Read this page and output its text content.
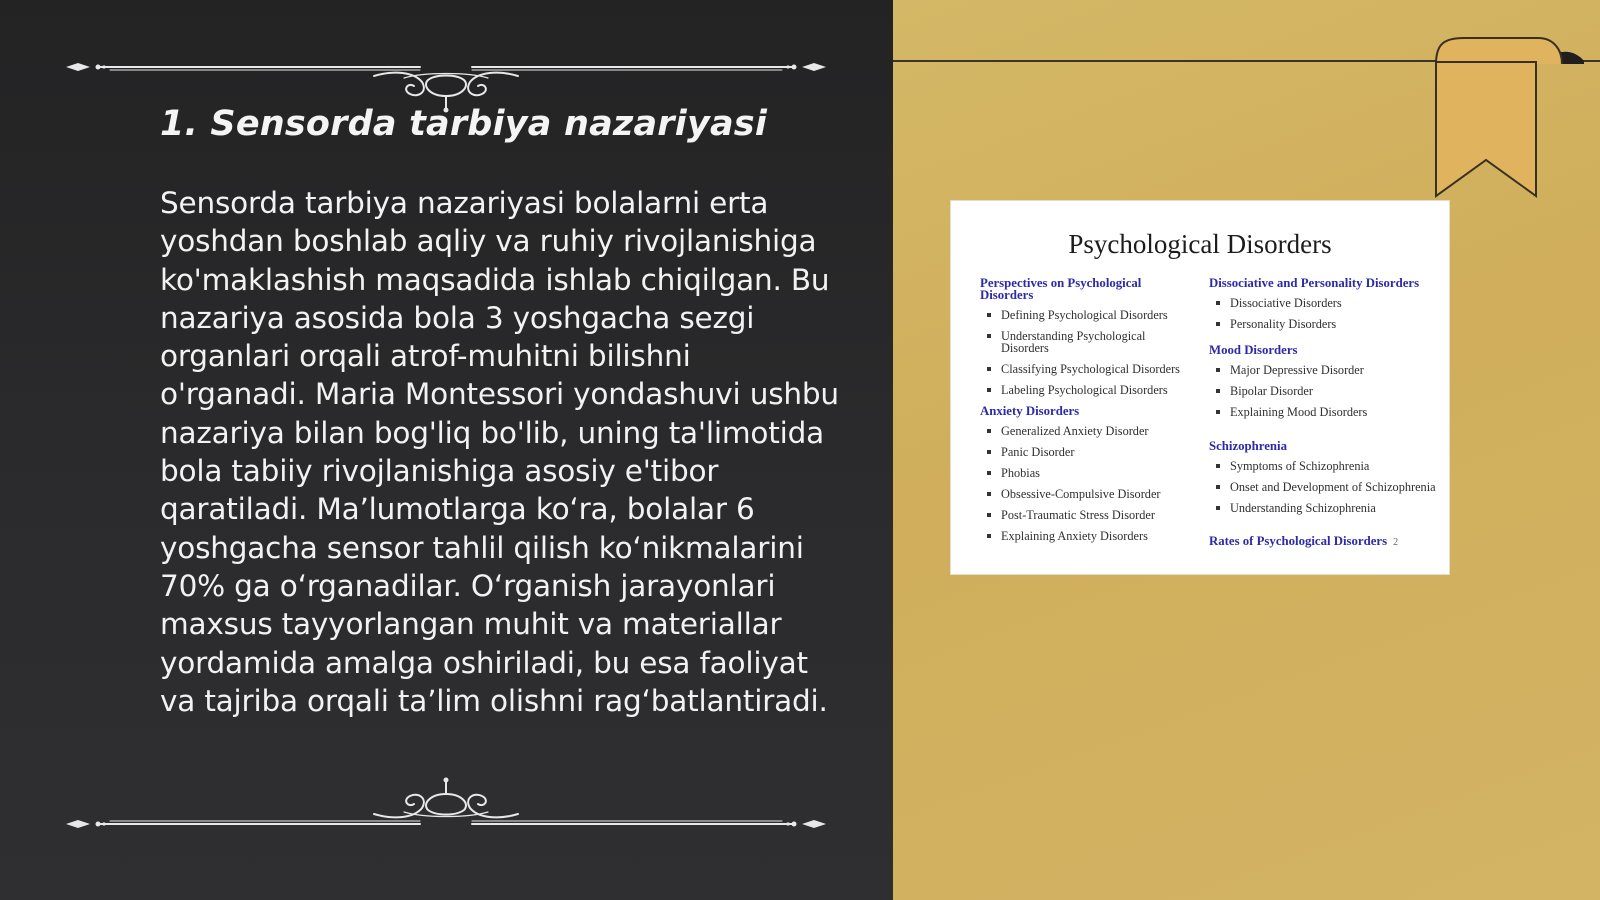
1. Sensorda tarbiya nazariyasi
Sensorda tarbiya nazariyasi bolalarni erta yoshdan boshlab aqliy va ruhiy rivojlanishiga ko'maklashish maqsadida ishlab chiqilgan. Bu nazariya asosida bola 3 yoshgacha sezgi organlari orqali atrof-muhitni bilishni o'rganadi. Maria Montessori yondashuvi ushbu nazariya bilan bog'liq bo'lib, uning ta'limotida bola tabiiy rivojlanishiga asosiy e'tibor qaratiladi. Ma’lumotlarga ko‘ra, bolalar 6 yoshgacha sensor tahlil qilish ko‘nikmalarini 70% ga o‘rganadilar. O‘rganish jarayonlari maxsus tayyorlangan muhit va materiallar yordamida amalga oshiriladi, bu esa faoliyat va tajriba orqali ta’lim olishni rag‘batlantiradi.
Psychological Disorders
Perspectives on Psychological Disorders
Defining Psychological Disorders
Understanding Psychological Disorders
Classifying Psychological Disorders
Labeling Psychological Disorders
Anxiety Disorders
Generalized Anxiety Disorder
Panic Disorder
Phobias
Obsessive-Compulsive Disorder
Post-Traumatic Stress Disorder
Explaining Anxiety Disorders
Dissociative and Personality Disorders
Dissociative Disorders
Personality Disorders
Mood Disorders
Major Depressive Disorder
Bipolar Disorder
Explaining Mood Disorders
Schizophrenia
Symptoms of Schizophrenia
Onset and Development of Schizophrenia
Understanding Schizophrenia
Rates of Psychological Disorders 2
